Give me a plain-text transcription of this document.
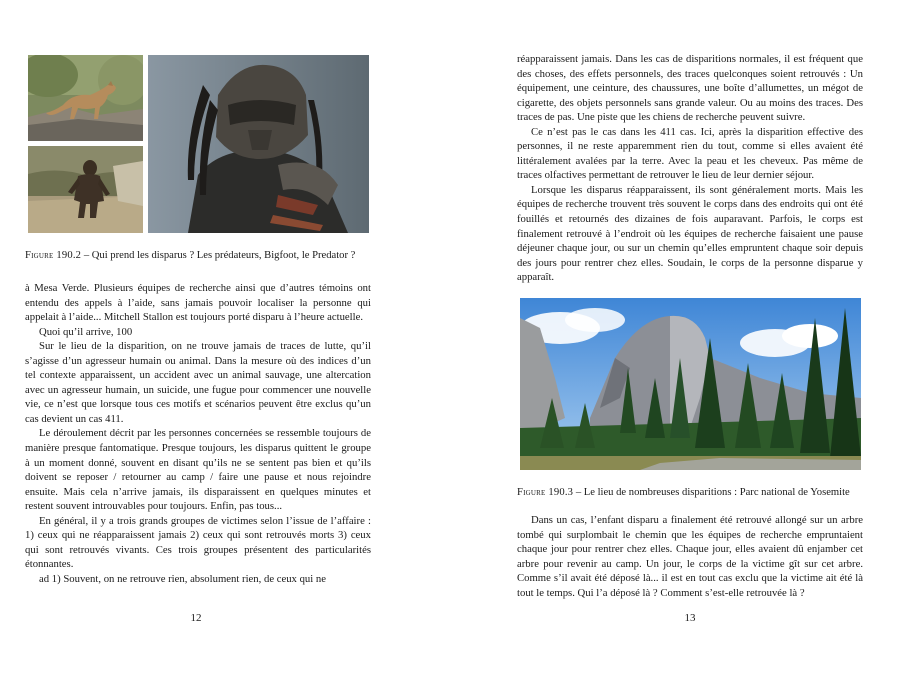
Figure 190.2 – Qui prend les disparus ? Les prédateurs, Bigfoot, le Predator ?

à Mesa Verde. Plusieurs équipes de recherche ainsi que d’autres témoins ont entendu des appels à l’aide, sans jamais pouvoir localiser la personne qui appelait à l’aide... Mitchell Stallon est toujours porté disparu à l’heure actuelle.

Quoi qu’il arrive, 100

Sur le lieu de la disparition, on ne trouve jamais de traces de lutte, qu’il s’agisse d’un agresseur humain ou animal. Dans la mesure où des indices d’un tel contexte apparaissent, un accident avec un animal sauvage, une altercation avec un agresseur humain, un suicide, une fugue pour commencer une nouvelle vie, ce n’est que lorsque tous ces motifs et scénarios peuvent être exclus qu’un cas devient un cas 411.

Le déroulement décrit par les personnes concernées se ressemble toujours de manière presque fantomatique. Presque toujours, les disparus quittent le groupe à un moment donné, souvent en disant qu’ils ne se sentent pas bien et qu’ils doivent se reposer / retourner au camp / faire une pause et nous rejoindre ensuite. Mais cela n’arrive jamais, ils disparaissent en quelques minutes et restent souvent introuvables pour toujours. Enfin, pas tous...

En général, il y a trois grands groupes de victimes selon l’issue de l’affaire : 1) ceux qui ne réapparaissent jamais 2) ceux qui sont retrouvés morts 3) ceux qui sont retrouvés vivants. Ces trois groupes présentent des particularités étonnantes.

ad 1) Souvent, on ne retrouve rien, absolument rien, de ceux qui ne

12

réapparaissent jamais. Dans les cas de disparitions normales, il est fréquent que des choses, des effets personnels, des traces quelconques soient retrouvés : Un équipement, une ceinture, des chaussures, une boîte d’allumettes, un mégot de cigarette, des objets personnels sans grande valeur. Ou au moins des traces. Des traces de pas. Une piste que les chiens de recherche peuvent suivre.

Ce n’est pas le cas dans les 411 cas. Ici, après la disparition effective des personnes, il ne reste apparemment rien du tout, comme si elles avaient été littéralement avalées par la terre. Avec la peau et les cheveux. Pas même de traces olfactives permettant de retrouver le lieu de leur dernier séjour.

Lorsque les disparus réapparaissent, ils sont généralement morts. Mais les équipes de recherche trouvent très souvent le corps dans des endroits qui ont été fouillés et retournés des dizaines de fois auparavant. Parfois, le corps est finalement retrouvé à l’endroit où les équipes de recherche faisaient une pause déjeuner chaque jour, ou sur un chemin qu’elles empruntent chaque soir depuis des jours pour rentrer chez elles. Soudain, le corps de la personne disparue y apparaît.

Figure 190.3 – Le lieu de nombreuses disparitions : Parc national de Yosemite

Dans un cas, l’enfant disparu a finalement été retrouvé allongé sur un arbre tombé qui surplombait le chemin que les équipes de recherche empruntaient chaque jour pour rentrer chez elles. Chaque jour, elles avaient dû enjamber cet arbre pour revenir au camp. Un jour, le corps de la victime gît sur cet arbre. Comme s’il avait été déposé là... il est en tout cas exclu que la victime ait été là tout le temps. Qui l’a déposé là ? Comment s’est-elle retrouvée là ?

13
